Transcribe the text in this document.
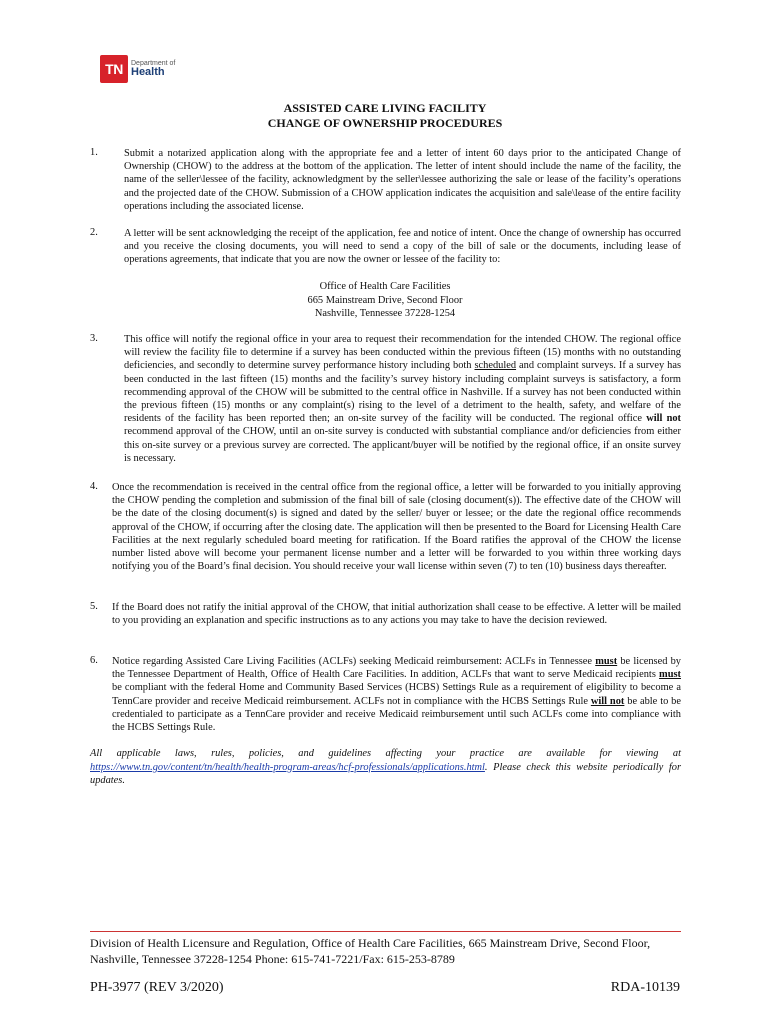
TN	Department of
Health
ASSISTED CARE LIVING FACILITY
CHANGE OF OWNERSHIP PROCEDURES
1.	Submit a notarized application along with the appropriate fee and a letter of intent 60 days prior to the anticipated Change of Ownership (CHOW) to the address at the bottom of the application. The letter of intent should include the name of the facility, the name of the seller\lessee of the facility, acknowledgment by the seller\lessee authorizing the sale or lease of the facility’s operations and the projected date of the CHOW. Submission of a CHOW application indicates the acquisition and sale\lease of the entire facility operations including the associated license.
2.	A letter will be sent acknowledging the receipt of the application, fee and notice of intent. Once the change of ownership has occurred and you receive the closing documents, you will need to send a copy of the bill of sale or the documents, including lease of operations agreements, that indicate that you are now the owner or lessee of the facility to:
Office of Health Care Facilities
665 Mainstream Drive, Second Floor
Nashville, Tennessee 37228-1254
3.	This office will notify the regional office in your area to request their recommendation for the intended CHOW. The regional office will review the facility file to determine if a survey has been conducted within the previous fifteen (15) months with no outstanding deficiencies, and secondly to determine survey performance history including both scheduled and complaint surveys. If a survey has been conducted in the last fifteen (15) months and the facility’s survey history including complaint surveys is satisfactory, a form recommending approval of the CHOW will be submitted to the central office in Nashville. If a survey has not been conducted within the previous fifteen (15) months or any complaint(s) rising to the level of a detriment to the health, safety, and welfare of the residents of the facility has been reported then; an on-site survey of the facility will be conducted. The regional office will not recommend approval of the CHOW, until an on-site survey is conducted with substantial compliance and/or deficiencies from either this on-site survey or a previous survey are corrected. The applicant/buyer will be notified by the regional office, if an onsite survey is necessary.
4. Once the recommendation is received in the central office from the regional office, a letter will be forwarded to you initially approving the CHOW pending the completion and submission of the final bill of sale (closing document(s)). The effective date of the CHOW will be the date of the closing document(s) is signed and dated by the seller/ buyer or lessee; or the date the regional office recommends approval of the CHOW, if occurring after the closing date. The application will then be presented to the Board for Licensing Health Care Facilities at the next regularly scheduled board meeting for ratification. If the Board ratifies the approval of the CHOW the license number listed above will become your permanent license number and a letter will be forwarded to you within three working days notifying you of the Board’s final decision. You should receive your wall license within seven (7) to ten (10) business days thereafter.
5. If the Board does not ratify the initial approval of the CHOW, that initial authorization shall cease to be effective. A letter will be mailed to you providing an explanation and specific instructions as to any actions you may take to have the decision reviewed.
6. Notice regarding Assisted Care Living Facilities (ACLFs) seeking Medicaid reimbursement: ACLFs in Tennessee must be licensed by the Tennessee Department of Health, Office of Health Care Facilities. In addition, ACLFs that want to serve Medicaid recipients must be compliant with the federal Home and Community Based Services (HCBS) Settings Rule as a requirement of eligibility to become a TennCare provider and receive Medicaid reimbursement. ACLFs not in compliance with the HCBS Settings Rule will not be able to be credentialed to participate as a TennCare provider and receive Medicaid reimbursement until such ACLFs come into compliance with the HCBS Settings Rule.
All applicable laws, rules, policies, and guidelines affecting your practice are available for viewing at https://www.tn.gov/content/tn/health/health-program-areas/hcf-professionals/applications.html. Please check this website periodically for updates.
Division of Health Licensure and Regulation, Office of Health Care Facilities, 665 Mainstream Drive, Second Floor,
Nashville, Tennessee 37228-1254 Phone: 615-741-7221/Fax: 615-253-8789
PH-3977 (REV 3/2020)	RDA-10139
